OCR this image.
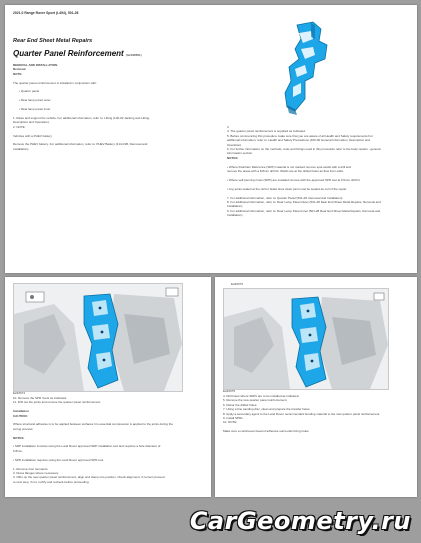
2021.0 Range Rover Sport (L494), 501-28
Rear End Sheet Metal Repairs
Quarter Panel Reinforcement (G2348651)
REMOVAL AND INSTALLATION
Removal
NOTE:

The quarter panel reinforcement is installed in conjunction with:

• Quarter panel

• Rear lamp panel outer

• Rear lamp panel inner

1. Raise and support the vehicle. For additional information, refer to: Lifting (100-02 Jacking and Lifting,
Description and Operation).
2. NOTE:

Vehicles with a PHEV battery

Remove the PHEV battery. For additional information, refer to: PHEV Battery (414-01B, Removal and
Installation).
3.
4. The quarter panel reinforcement is supplied as indicated.
5. Before commencing this procedure make sure that you are aware of all Health and Safety requirements For
additional information, refer to: Health and Safety Precautions (100-00 General Information, Description and
Operation).
6. For further information on the methods, tools and fixings used in this procedure refer to the body repairs - general
information section.
NOTES:

• Where thatcham Reference (SRP) material is not marked remove spot-welds with a drill and
remove the areas with a 8.8mm drill bit. Welds are at the drilled holes as flow from edits.

• Where self-piercing rivets (SPR) are installed remove with the approved SPR tool at 0.5mm drill bit.

• Any joints sealed at the rail for brake lines clean joint must be sealed as curl of the repair.

7. For additional information, refer to: Quarter Panel (501-28, Removal and Installation).
8. For additional information, refer to: Rear Lamp Panel Outer (501-28 Rear End Sheet Metal Repairs, Removal and
Installation).
9. For additional information, refer to: Rear Lamp Panel Inner (501-28 Rear End Sheet Metal Repairs, Removal and
Installation).
E240674
10. Remove the SPR rivets as indicated.
11. Drill out the joints and remove the quarter panel reinforcement.

Installation
CAUTION:

Where structural adhesive is to be applied between surfaces it is essential compression is applied to the joints during the
curing process.

NOTES:

• SRP installation involves using the Land Rover approved SRP installation tool and requires a hole diameter of
6.8mm.

• SPR installation requires using the Land Rover approved SPR tool.

1. Remove rivet remnants.
2. Dress flanges where necessary.
3. Offer up the new quarter panel reinforcement, align and clamp into position. Check alignment, if correct proceed
to next step, if not, rectify and recheck before proceeding.
E240675
E240675
4. Drill holes where SRPs are to be installed as indicated.
5. Remove the new quarter panel reinforcement.
6. Debur the drilled holes.
7. Using a fine sanding disc, clean and prepare the transfer faces.
8. Apply a secondary agent to the Land Rover recommended bonding material to the new quarter panel reinforcement.
9. Install SPRs.
10. NOTE:

Make sure a continuous bead of adhesive surrounds fixing holes.
CarGeometry.ru
